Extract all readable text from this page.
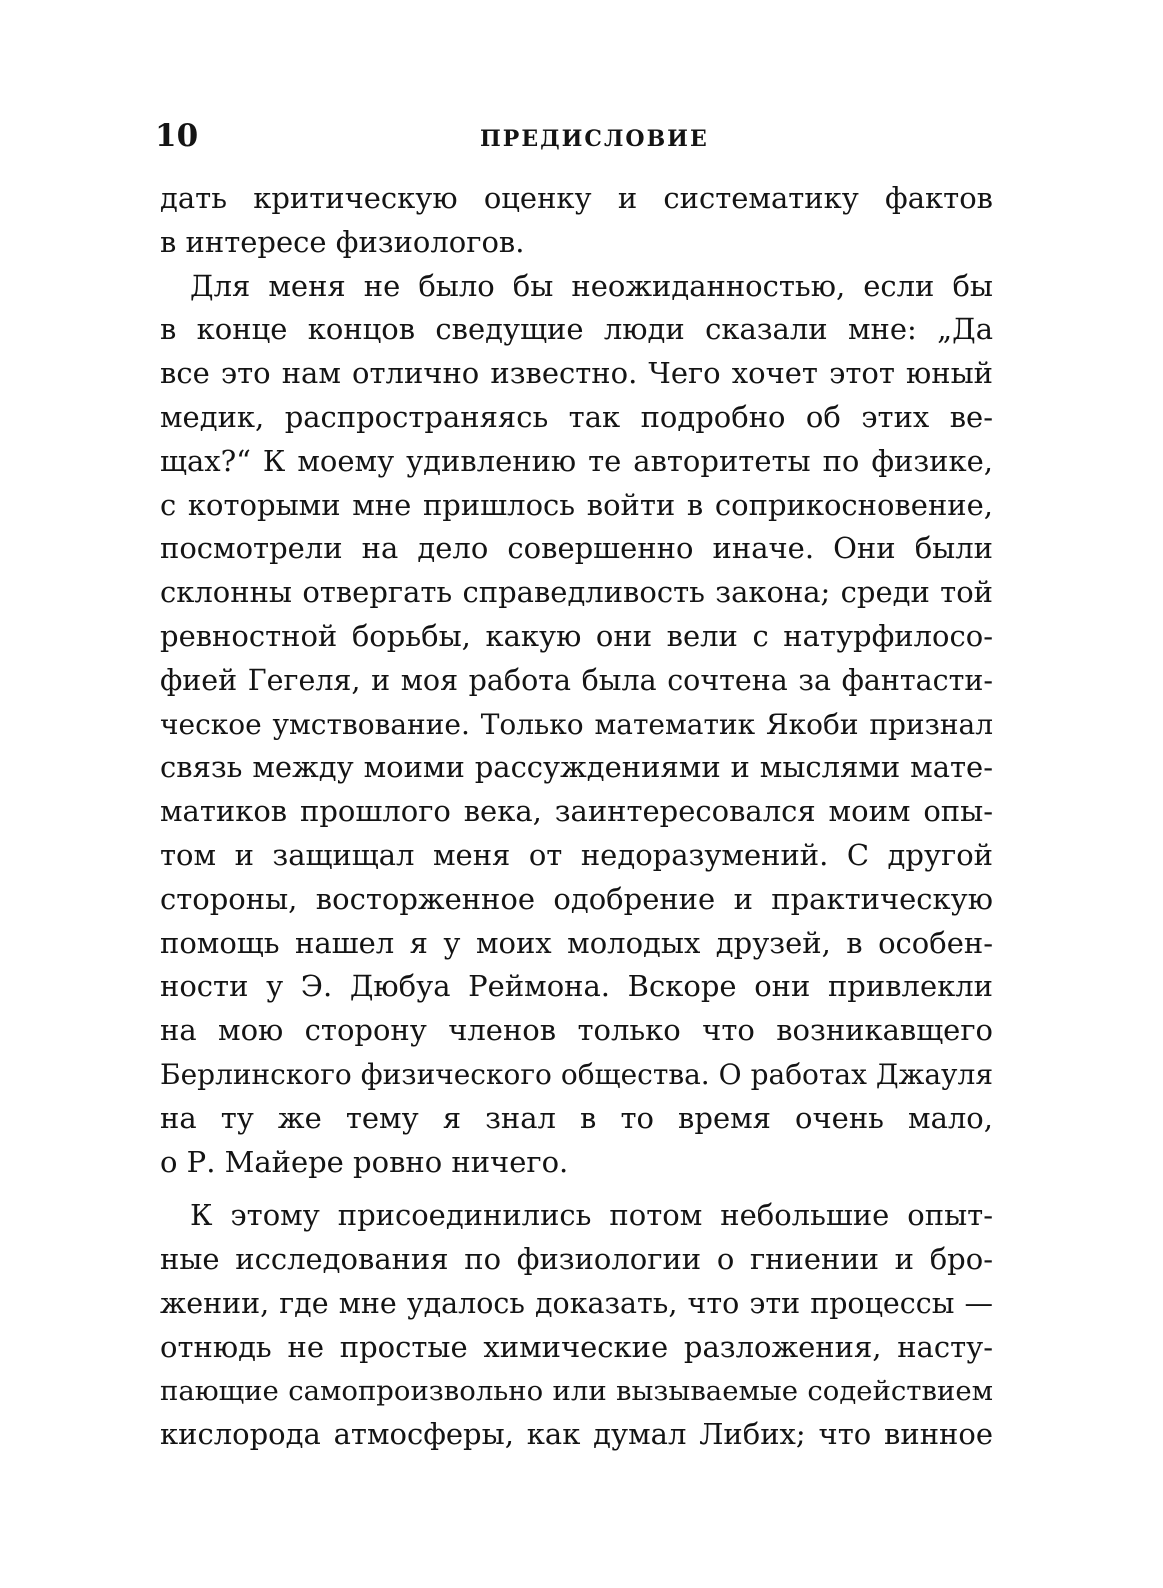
10	ПРЕДИСЛОВИЕ
дать критическую оценку и систематику фактов
в интересе физиологов.
Для меня не было бы неожиданностью, если бы
в конце концов сведущие люди сказали мне: „Да
все это нам отлично известно. Чего хочет этот юный
медик, распространяясь так подробно об этих ве-
щах?“ К моему удивлению те авторитеты по физике,
с которыми мне пришлось войти в соприкосновение,
посмотрели на дело совершенно иначе. Они были
склонны отвергать справедливость закона; среди той
ревностной борьбы, какую они вели с натурфилосо-
фией Гегеля, и моя работа была сочтена за фантасти-
ческое умствование. Только математик Якоби признал
связь между моими рассуждениями и мыслями мате-
матиков прошлого века, заинтересовался моим опы-
том и защищал меня от недоразумений. С другой
стороны, восторженное одобрение и практическую
помощь нашел я у моих молодых друзей, в особен-
ности у Э. Дюбуа Реймона. Вскоре они привлекли
на мою сторону членов только что возникавщего
Берлинского физического общества. О работах Джауля
на ту же тему я знал в то время очень мало,
о Р. Майере ровно ничего.
К этому присоединились потом небольшие опыт-
ные исследования по физиологии о гниении и бро-
жении, где мне удалось доказать, что эти процессы —
отнюдь не простые химические разложения, насту-
пающие самопроизвольно или вызываемые содействием
кислорода атмосферы, как думал Либих; что винное
